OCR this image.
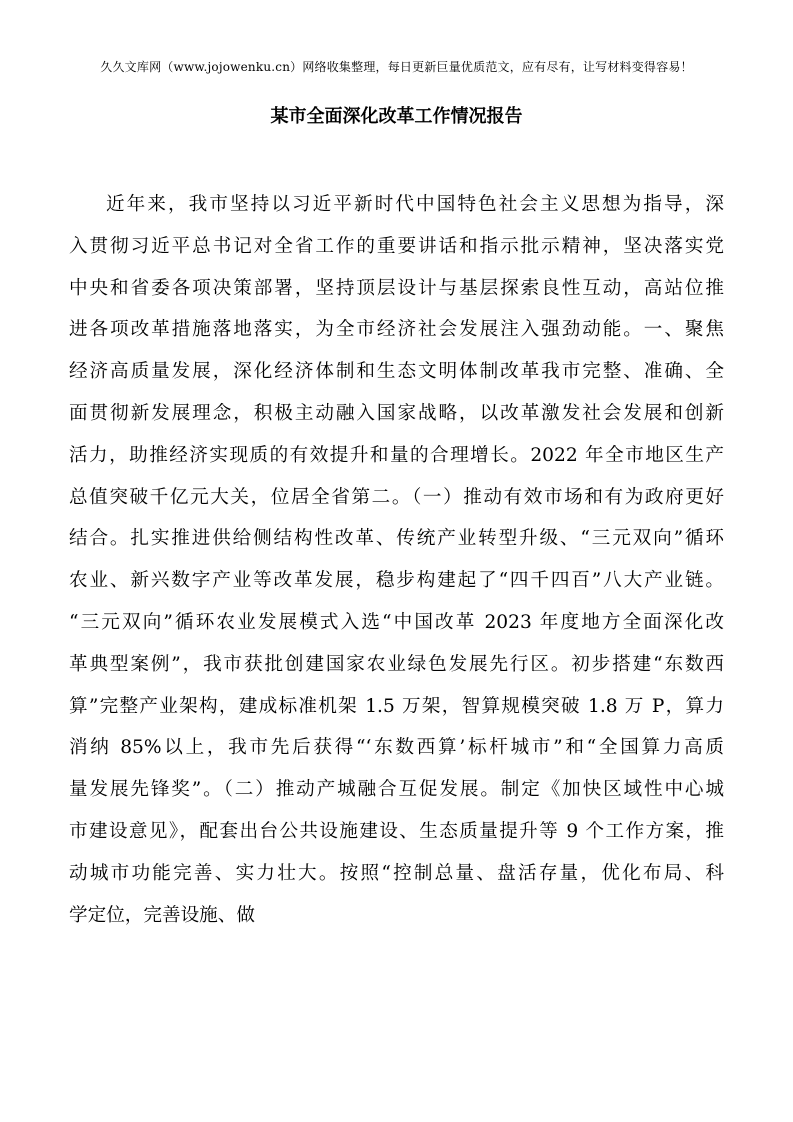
久久文库网（www.jojowenku.cn）网络收集整理，每日更新巨量优质范文，应有尽有，让写材料变得容易！
某市全面深化改革工作情况报告
近年来，我市坚持以习近平新时代中国特色社会主义思想为指导，深
入贯彻习近平总书记对全省工作的重要讲话和指示批示精神，坚决落实党
中央和省委各项决策部署，坚持顶层设计与基层探索良性互动，高站位推
进各项改革措施落地落实，为全市经济社会发展注入强劲动能。一、聚焦
经济高质量发展，深化经济体制和生态文明体制改革我市完整、准确、全
面贯彻新发展理念，积极主动融入国家战略，以改革激发社会发展和创新
活力，助推经济实现质的有效提升和量的合理增长。2022 年全市地区生产
总值突破千亿元大关，位居全省第二。（一）推动有效市场和有为政府更好
结合。扎实推进供给侧结构性改革、传统产业转型升级、“三元双向”循环
农业、新兴数字产业等改革发展，稳步构建起了“四千四百”八大产业链。
“三元双向”循环农业发展模式入选“中国改革 2023 年度地方全面深化改
革典型案例”，我市获批创建国家农业绿色发展先行区。初步搭建“东数西
算”完整产业架构，建成标准机架 1.5 万架，智算规模突破 1.8 万 P，算力
消纳 85%以上，我市先后获得“‘东数西算’标杆城市”和“全国算力高质
量发展先锋奖”。（二）推动产城融合互促发展。制定《加快区域性中心城
市建设意见》，配套出台公共设施建设、生态质量提升等 9 个工作方案，推
动城市功能完善、实力壮大。按照“控制总量、盘活存量，优化布局、科
学定位，完善设施、做
